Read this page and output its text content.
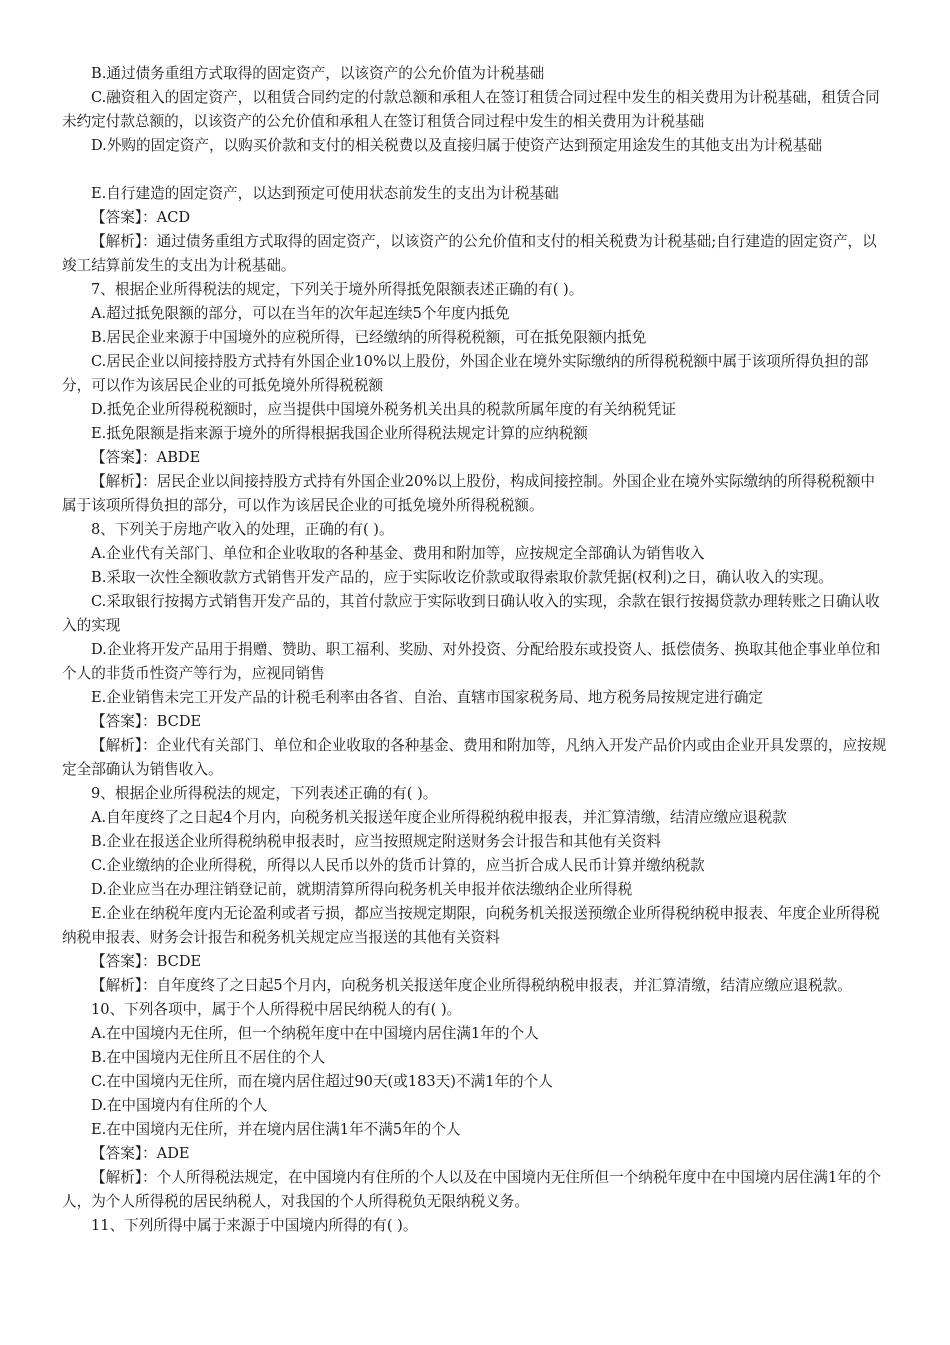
B.通过债务重组方式取得的固定资产，以该资产的公允价值为计税基础

C.融资租入的固定资产，以租赁合同约定的付款总额和承租人在签订租赁合同过程中发生的相关费用为计税基础，租赁合同未约定付款总额的，以该资产的公允价值和承租人在签订租赁合同过程中发生的相关费用为计税基础

D.外购的固定资产，以购买价款和支付的相关税费以及直接归属于使资产达到预定用途发生的其他支出为计税基础

E.自行建造的固定资产，以达到预定可使用状态前发生的支出为计税基础

【答案】：ACD

【解析】：通过债务重组方式取得的固定资产，以该资产的公允价值和支付的相关税费为计税基础;自行建造的固定资产，以竣工结算前发生的支出为计税基础。

7、根据企业所得税法的规定，下列关于境外所得抵免限额表述正确的有( )。

A.超过抵免限额的部分，可以在当年的次年起连续5个年度内抵免

B.居民企业来源于中国境外的应税所得，已经缴纳的所得税税额，可在抵免限额内抵免

C.居民企业以间接持股方式持有外国企业10%以上股份，外国企业在境外实际缴纳的所得税税额中属于该项所得负担的部分，可以作为该居民企业的可抵免境外所得税税额

D.抵免企业所得税税额时，应当提供中国境外税务机关出具的税款所属年度的有关纳税凭证

E.抵免限额是指来源于境外的所得根据我国企业所得税法规定计算的应纳税额

【答案】：ABDE

【解析】：居民企业以间接持股方式持有外国企业20%以上股份，构成间接控制。外国企业在境外实际缴纳的所得税税额中属于该项所得负担的部分，可以作为该居民企业的可抵免境外所得税税额。

8、下列关于房地产收入的处理，正确的有( )。

A.企业代有关部门、单位和企业收取的各种基金、费用和附加等，应按规定全部确认为销售收入

B.采取一次性全额收款方式销售开发产品的，应于实际收讫价款或取得索取价款凭据(权利)之日，确认收入的实现。

C.采取银行按揭方式销售开发产品的，其首付款应于实际收到日确认收入的实现，余款在银行按揭贷款办理转账之日确认收入的实现

D.企业将开发产品用于捐赠、赞助、职工福利、奖励、对外投资、分配给股东或投资人、抵偿债务、换取其他企事业单位和个人的非货币性资产等行为，应视同销售

E.企业销售未完工开发产品的计税毛利率由各省、自治、直辖市国家税务局、地方税务局按规定进行确定

【答案】：BCDE

【解析】：企业代有关部门、单位和企业收取的各种基金、费用和附加等，凡纳入开发产品价内或由企业开具发票的，应按规定全部确认为销售收入。

9、根据企业所得税法的规定，下列表述正确的有( )。

A.自年度终了之日起4个月内，向税务机关报送年度企业所得税纳税申报表，并汇算清缴，结清应缴应退税款

B.企业在报送企业所得税纳税申报表时，应当按照规定附送财务会计报告和其他有关资料

C.企业缴纳的企业所得税，所得以人民币以外的货币计算的，应当折合成人民币计算并缴纳税款

D.企业应当在办理注销登记前，就期清算所得向税务机关申报并依法缴纳企业所得税

E.企业在纳税年度内无论盈利或者亏损，都应当按规定期限，向税务机关报送预缴企业所得税纳税申报表、年度企业所得税纳税申报表、财务会计报告和税务机关规定应当报送的其他有关资料

【答案】：BCDE

【解析】：自年度终了之日起5个月内，向税务机关报送年度企业所得税纳税申报表，并汇算清缴，结清应缴应退税款。

10、下列各项中，属于个人所得税中居民纳税人的有( )。

A.在中国境内无住所，但一个纳税年度中在中国境内居住满1年的个人

B.在中国境内无住所且不居住的个人

C.在中国境内无住所，而在境内居住超过90天(或183天)不满1年的个人

D.在中国境内有住所的个人

E.在中国境内无住所，并在境内居住满1年不满5年的个人

【答案】：ADE

【解析】：个人所得税法规定，在中国境内有住所的个人以及在中国境内无住所但一个纳税年度中在中国境内居住满1年的个人，为个人所得税的居民纳税人，对我国的个人所得税负无限纳税义务。

11、下列所得中属于来源于中国境内所得的有( )。
